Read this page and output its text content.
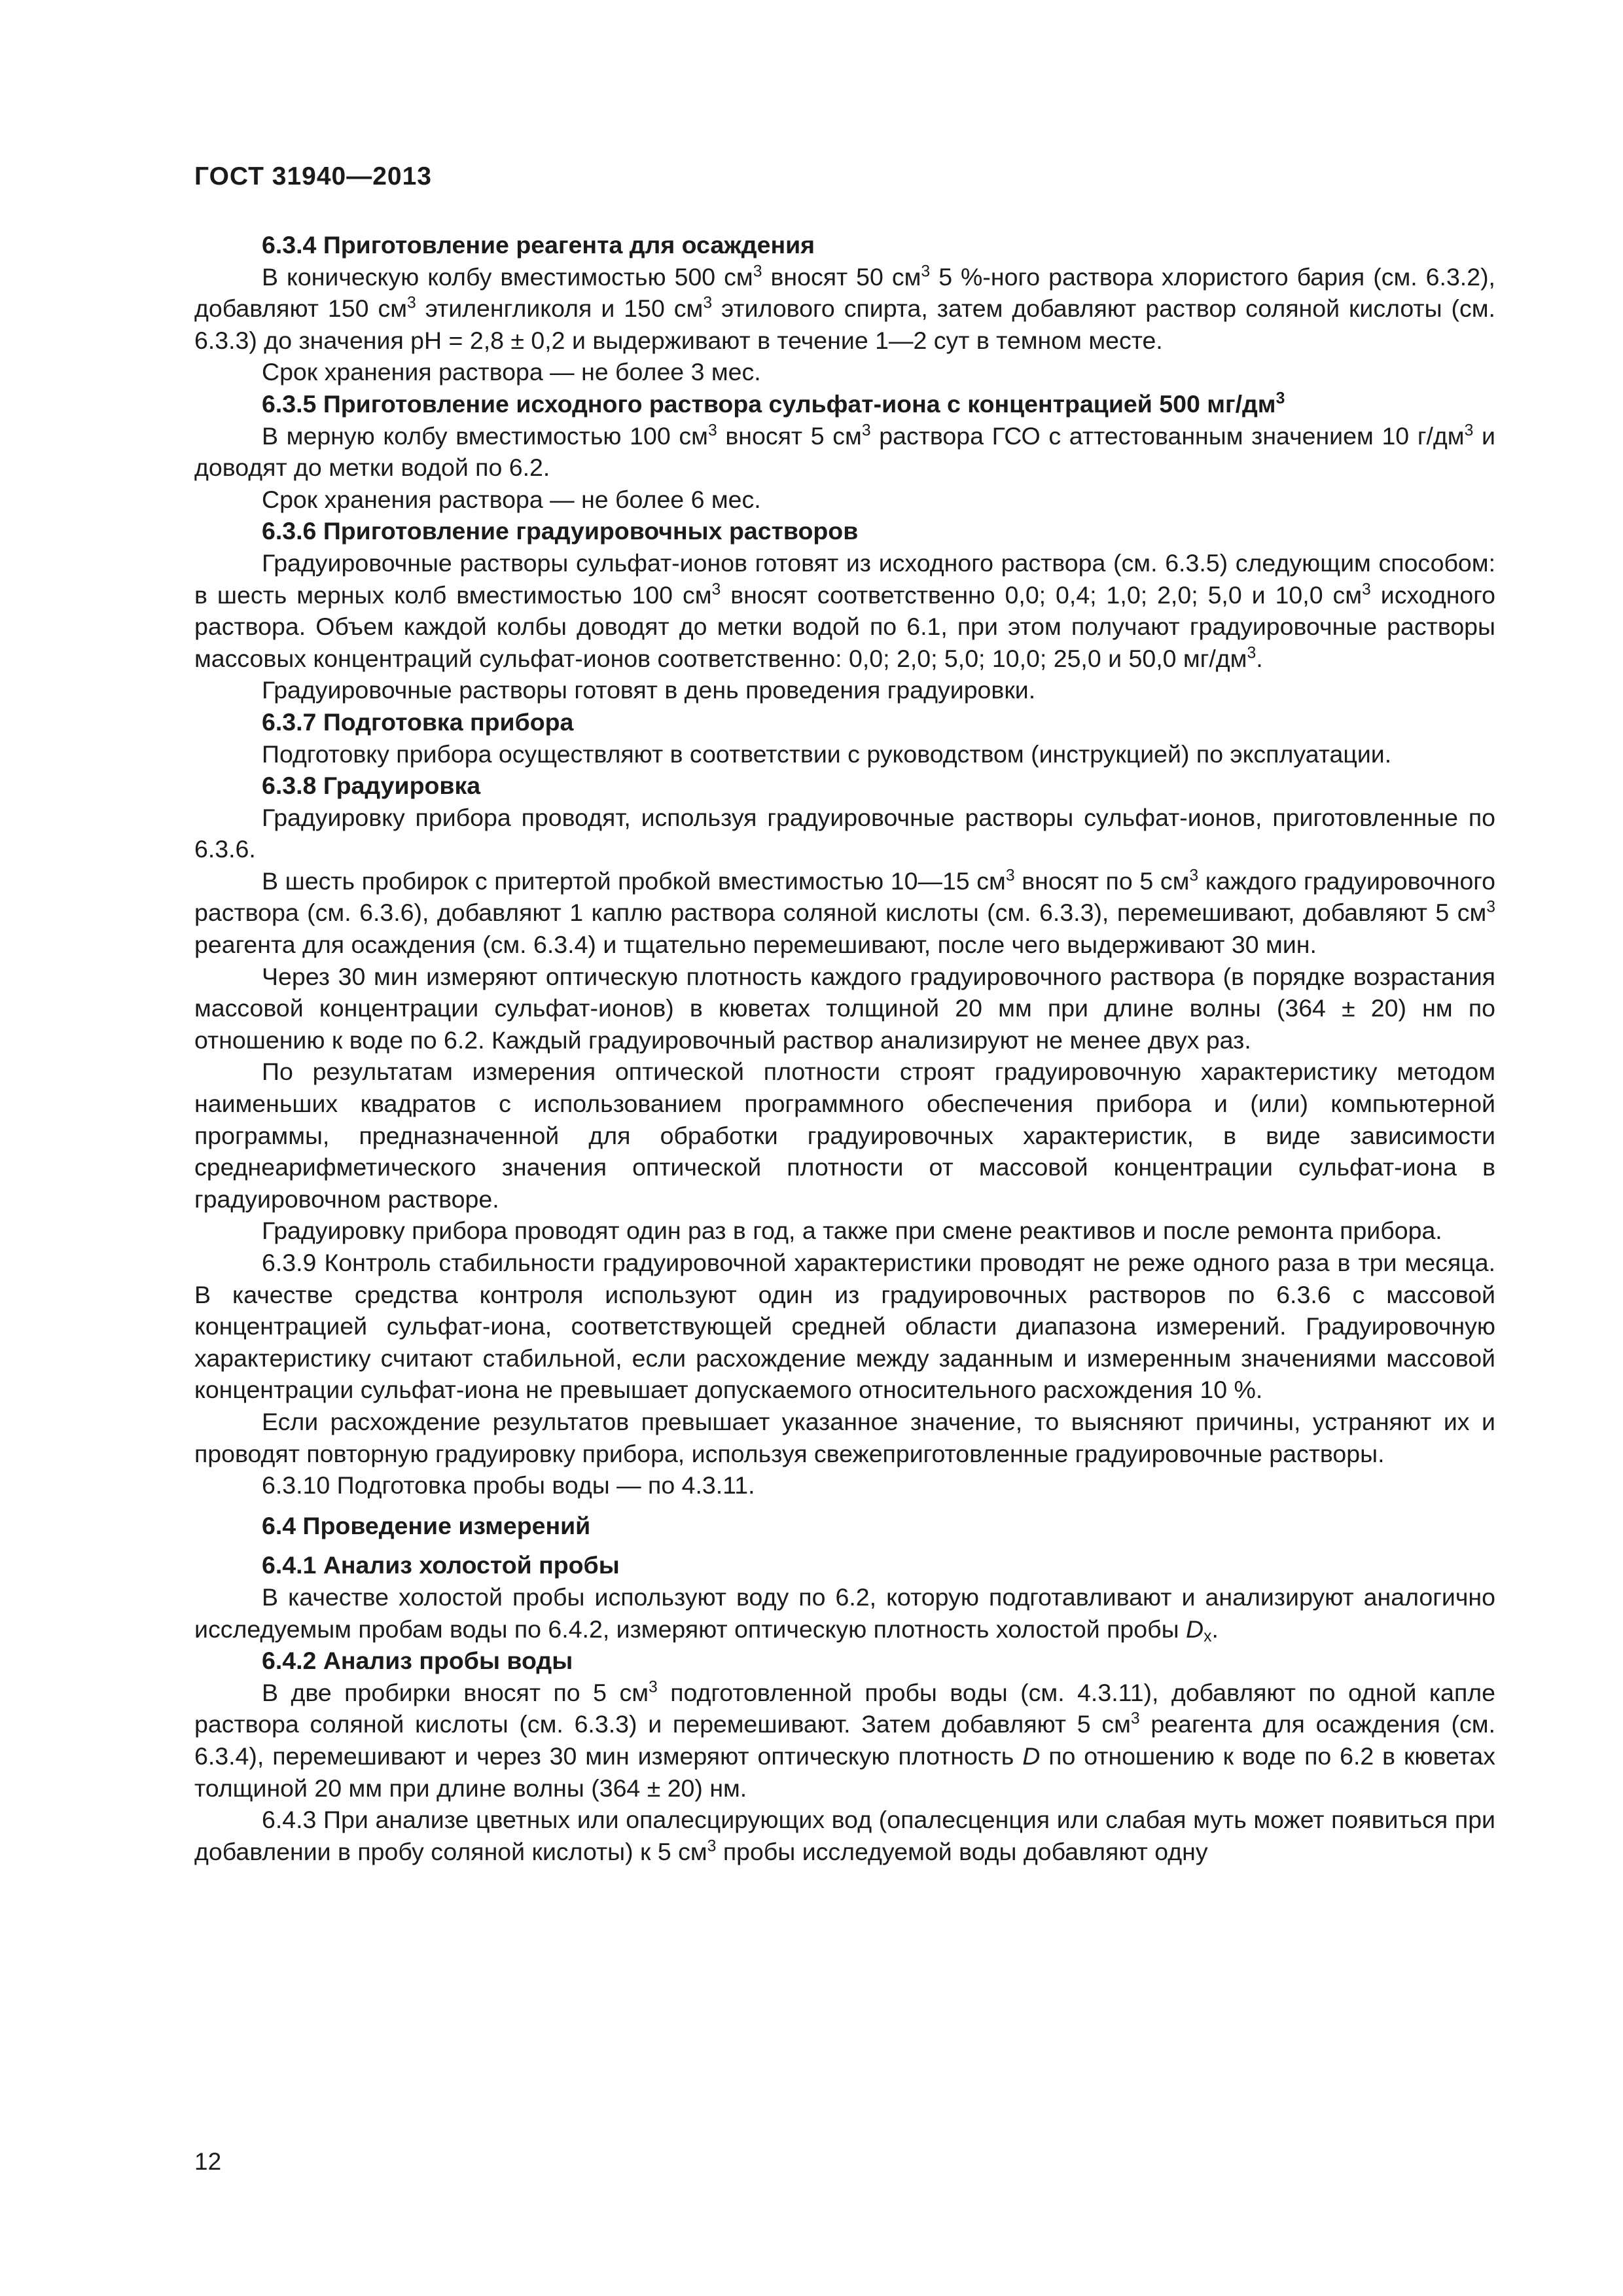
ГОСТ 31940—2013

6.3.4 Приготовление реагента для осаждения

В коническую колбу вместимостью 500 $см^3$ вносят 50 $см^3$ 5 %-ного раствора хлористого бария (см. 6.3.2), добавляют 150 $см^3$ этиленгликоля и 150 $см^3$ этилового спирта, затем добавляют раствор соляной кислоты (см. 6.3.3) до значения pH = 2,8 ± 0,2 и выдерживают в течение 1—2 сут в темном месте.

Срок хранения раствора — не более 3 мес.

6.3.5 Приготовление исходного раствора сульфат-иона с концентрацией 500 $мг/дм^3$

В мерную колбу вместимостью 100 $см^3$ вносят 5 $см^3$ раствора ГСО с аттестованным значением 10 $г/дм^3$ и доводят до метки водой по 6.2.

Срок хранения раствора — не более 6 мес.

6.3.6 Приготовление градуировочных растворов

Градуировочные растворы сульфат-ионов готовят из исходного раствора (см. 6.3.5) следующим способом: в шесть мерных колб вместимостью 100 $см^3$ вносят соответственно 0,0; 0,4; 1,0; 2,0; 5,0 и 10,0 $см^3$ исходного раствора. Объем каждой колбы доводят до метки водой по 6.1, при этом получают градуировочные растворы массовых концентраций сульфат-ионов соответственно: 0,0; 2,0; 5,0; 10,0; 25,0 и 50,0 $мг/дм^3$.

Градуировочные растворы готовят в день проведения градуировки.

6.3.7 Подготовка прибора

Подготовку прибора осуществляют в соответствии с руководством (инструкцией) по эксплуатации.

6.3.8 Градуировка

Градуировку прибора проводят, используя градуировочные растворы сульфат-ионов, приготовленные по 6.3.6.

В шесть пробирок с притертой пробкой вместимостью 10—15 $см^3$ вносят по 5 $см^3$ каждого градуировочного раствора (см. 6.3.6), добавляют 1 каплю раствора соляной кислоты (см. 6.3.3), перемешивают, добавляют 5 $см^3$ реагента для осаждения (см. 6.3.4) и тщательно перемешивают, после чего выдерживают 30 мин.

Через 30 мин измеряют оптическую плотность каждого градуировочного раствора (в порядке возрастания массовой концентрации сульфат-ионов) в кюветах толщиной 20 мм при длине волны (364 ± 20) нм по отношению к воде по 6.2. Каждый градуировочный раствор анализируют не менее двух раз.

По результатам измерения оптической плотности строят градуировочную характеристику методом наименьших квадратов с использованием программного обеспечения прибора и (или) компьютерной программы, предназначенной для обработки градуировочных характеристик, в виде зависимости среднеарифметического значения оптической плотности от массовой концентрации сульфат-иона в градуировочном растворе.

Градуировку прибора проводят один раз в год, а также при смене реактивов и после ремонта прибора.

6.3.9 Контроль стабильности градуировочной характеристики проводят не реже одного раза в три месяца. В качестве средства контроля используют один из градуировочных растворов по 6.3.6 с массовой концентрацией сульфат-иона, соответствующей средней области диапазона измерений. Градуировочную характеристику считают стабильной, если расхождение между заданным и измеренным значениями массовой концентрации сульфат-иона не превышает допускаемого относительного расхождения 10 %.

Если расхождение результатов превышает указанное значение, то выясняют причины, устраняют их и проводят повторную градуировку прибора, используя свежеприготовленные градуировочные растворы.

6.3.10 Подготовка пробы воды — по 4.3.11.

6.4 Проведение измерений

6.4.1 Анализ холостой пробы

В качестве холостой пробы используют воду по 6.2, которую подготавливают и анализируют аналогично исследуемым пробам воды по 6.4.2, измеряют оптическую плотность холостой пробы $D_x$.

6.4.2 Анализ пробы воды

В две пробирки вносят по 5 $см^3$ подготовленной пробы воды (см. 4.3.11), добавляют по одной капле раствора соляной кислоты (см. 6.3.3) и перемешивают. Затем добавляют 5 $см^3$ реагента для осаждения (см. 6.3.4), перемешивают и через 30 мин измеряют оптическую плотность D по отношению к воде по 6.2 в кюветах толщиной 20 мм при длине волны (364 ± 20) нм.

6.4.3 При анализе цветных или опалесцирующих вод (опалесценция или слабая муть может появиться при добавлении в пробу соляной кислоты) к 5 $см^3$ пробы исследуемой воды добавляют одну

12
